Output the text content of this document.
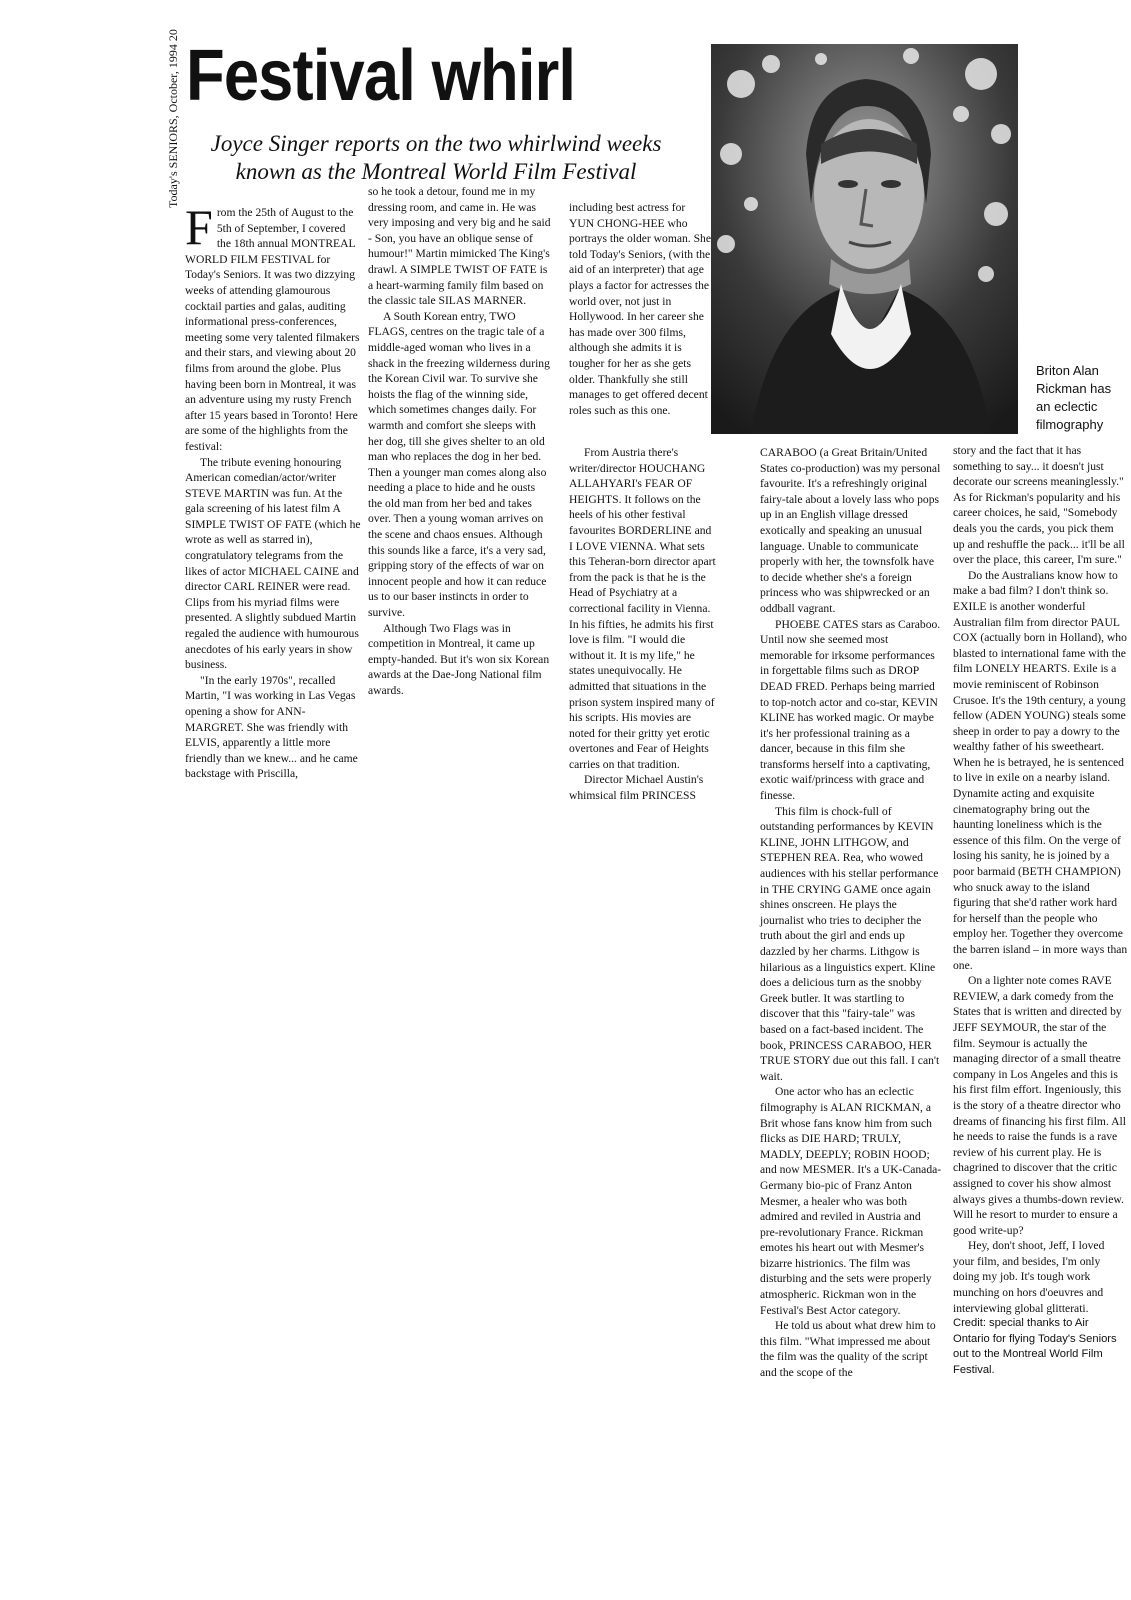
Today's SENIORS, October, 1994 20 Festival whirl
Joyce Singer reports on the two whirlwind weeks known as the Montreal World Film Festival
Briton Alan Rickman has an eclectic filmography

From the 25th of August to the 5th of September, I covered the 18th annual MONTREAL WORLD FILM FESTIVAL for Today's Seniors. It was two dizzying weeks of attending glamourous cocktail parties and galas, auditing informational press-conferences, meeting some very talented filmakers and their stars, and viewing about 20 films from around the globe. Plus having been born in Montreal, it was an adventure using my rusty French after 15 years based in Toronto! Here are some of the highlights from the festival:

The tribute evening honouring American comedian/actor/writer STEVE MARTIN was fun. At the gala screening of his latest film A SIMPLE TWIST OF FATE (which he wrote as well as starred in), congratulatory telegrams from the likes of actor MICHAEL CAINE and director CARL REINER were read. Clips from his myriad films were presented. A slightly subdued Martin regaled the audience with humourous anecdotes of his early years in show business.

"In the early 1970s", recalled Martin, "I was working in Las Vegas opening a show for ANN-MARGRET. She was friendly with ELVIS, apparently a little more friendly than we knew... and he came backstage with Priscilla,

so he took a detour, found me in my dressing room, and came in. He was very imposing and very big and he said - Son, you have an oblique sense of humour!" Martin mimicked The King's drawl. A SIMPLE TWIST OF FATE is a heart-warming family film based on the classic tale SILAS MARNER.

A South Korean entry, TWO FLAGS, centres on the tragic tale of a middle-aged woman who lives in a shack in the freezing wilderness during the Korean Civil war. To survive she hoists the flag of the winning side, which sometimes changes daily. For warmth and comfort she sleeps with her dog, till she gives shelter to an old man who replaces the dog in her bed. Then a younger man comes along also needing a place to hide and he ousts the old man from her bed and takes over. Then a young woman arrives on the scene and chaos ensues. Although this sounds like a farce, it's a very sad, gripping story of the effects of war on innocent people and how it can reduce us to our baser instincts in order to survive.

Although Two Flags was in competition in Montreal, it came up empty-handed. But it's won six Korean awards at the Dae-Jong National film awards.

including best actress for YUN CHONG-HEE who portrays the older woman. She told Today's Seniors, (with the aid of an interpreter) that age plays a factor for actresses the world over, not just in Hollywood. In her career she has made over 300 films, although she admits it is tougher for her as she gets older. Thankfully she still manages to get offered decent roles such as this one.

From Austria there's writer/director HOUCHANG ALLAHYARI's FEAR OF HEIGHTS. It follows on the heels of his other festival favourites BORDERLINE and I LOVE VIENNA. What sets this Teheran-born director apart from the pack is that he is the Head of Psychiatry at a correctional facility in Vienna. In his fifties, he admits his first love is film. "I would die without it. It is my life," he states unequivocally. He admitted that situations in the prison system inspired many of his scripts. His movies are noted for their gritty yet erotic overtones and Fear of Heights carries on that tradition.

Director Michael Austin's whimsical film PRINCESS

CARABOO (a Great Britain/United States co-production) was my personal favourite. It's a refreshingly original fairy-tale about a lovely lass who pops up in an English village dressed exotically and speaking an unusual language. Unable to communicate properly with her, the townsfolk have to decide whether she's a foreign princess who was shipwrecked or an oddball vagrant.

PHOEBE CATES stars as Caraboo. Until now she seemed most memorable for irksome performances in forgettable films such as DROP DEAD FRED. Perhaps being married to top-notch actor and co-star, KEVIN KLINE has worked magic. Or maybe it's her professional training as a dancer, because in this film she transforms herself into a captivating, exotic waif/princess with grace and finesse.

This film is chock-full of outstanding performances by KEVIN KLINE, JOHN LITHGOW, and STEPHEN REA. Rea, who wowed audiences with his stellar performance in THE CRYING GAME once again shines onscreen. He plays the journalist who tries to decipher the truth about the girl and ends up dazzled by her charms. Lithgow is hilarious as a linguistics expert. Kline does a delicious turn as the snobby Greek butler. It was startling to discover that this "fairy-tale" was based on a fact-based incident. The book, PRINCESS CARABOO, HER TRUE STORY due out this fall. I can't wait.

One actor who has an eclectic filmography is ALAN RICKMAN, a Brit whose fans know him from such flicks as DIE HARD; TRULY, MADLY, DEEPLY; ROBIN HOOD; and now MESMER. It's a UK-Canada-Germany bio-pic of Franz Anton Mesmer, a healer who was both admired and reviled in Austria and pre-revolutionary France. Rickman emotes his heart out with Mesmer's bizarre histrionics. The film was disturbing and the sets were properly atmospheric. Rickman won in the Festival's Best Actor category.

He told us about what drew him to this film. "What impressed me about the film was the quality of the script and the scope of the

story and the fact that it has something to say... it doesn't just decorate our screens meaninglessly." As for Rickman's popularity and his career choices, he said, "Somebody deals you the cards, you pick them up and reshuffle the pack... it'll be all over the place, this career, I'm sure."

Do the Australians know how to make a bad film? I don't think so. EXILE is another wonderful Australian film from director PAUL COX (actually born in Holland), who blasted to international fame with the film LONELY HEARTS. Exile is a movie reminiscent of Robinson Crusoe. It's the 19th century, a young fellow (ADEN YOUNG) steals some sheep in order to pay a dowry to the wealthy father of his sweetheart. When he is betrayed, he is sentenced to live in exile on a nearby island. Dynamite acting and exquisite cinematography bring out the haunting loneliness which is the essence of this film. On the verge of losing his sanity, he is joined by a poor barmaid (BETH CHAMPION) who snuck away to the island figuring that she'd rather work hard for herself than the people who employ her. Together they overcome the barren island – in more ways than one.

On a lighter note comes RAVE REVIEW, a dark comedy from the States that is written and directed by JEFF SEYMOUR, the star of the film. Seymour is actually the managing director of a small theatre company in Los Angeles and this is his first film effort. Ingeniously, this is the story of a theatre director who dreams of financing his first film. All he needs to raise the funds is a rave review of his current play. He is chagrined to discover that the critic assigned to cover his show almost always gives a thumbs-down review. Will he resort to murder to ensure a good write-up?

Hey, don't shoot, Jeff, I loved your film, and besides, I'm only doing my job. It's tough work munching on hors d'oeuvres and interviewing global glitterati.

Credit: special thanks to Air Ontario for flying Today's Seniors out to the Montreal World Film Festival.
